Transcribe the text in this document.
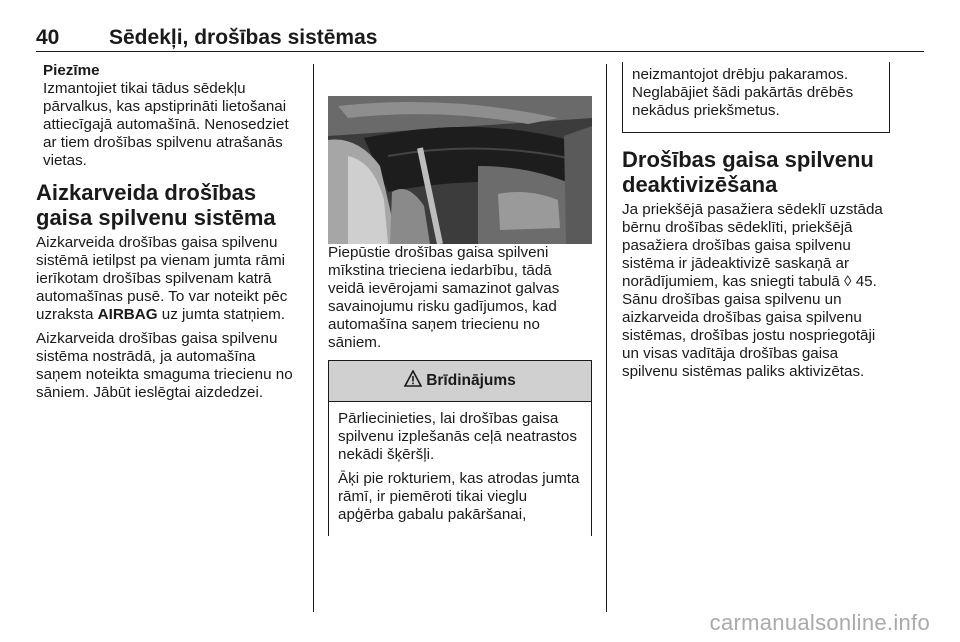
40 Sēdekļi, drošības sistēmas

Piezīme

Izmantojiet tikai tādus sēdekļu pārvalkus, kas apstiprināti lietošanai attiecīgajā automašīnā. Nenosedziet ar tiem drošības spilvenu atrašanās vietas.

Aizkarveida drošības gaisa spilvenu sistēma

Aizkarveida drošības gaisa spilvenu sistēmā ietilpst pa vienam jumta rāmi ierīkotam drošības spilvenam katrā automašīnas pusē. To var noteikt pēc uzraksta AIRBAG uz jumta statņiem.

Aizkarveida drošības gaisa spilvenu sistēma nostrādā, ja automašīna saņem noteikta smaguma triecienu no sāniem. Jābūt ieslēgtai aizdedzei.

Piepūstie drošības gaisa spilveni mīkstina trieciena iedarbību, tādā veidā ievērojami samazinot galvas savainojumu risku gadījumos, kad automašīna saņem triecienu no sāniem.

Brīdinājums

Pārliecinieties, lai drošības gaisa spilvenu izplešanās ceļā neatrastos nekādi šķēršļi.

Āķi pie rokturiem, kas atrodas jumta rāmī, ir piemēroti tikai vieglu apģērba gabalu pakāršanai,

neizmantojot drēbju pakaramos. Neglabājiet šādi pakārtās drēbēs nekādus priekšmetus.

Drošības gaisa spilvenu deaktivizēšana

Ja priekšējā pasažiera sēdeklī uzstāda bērnu drošības sēdeklīti, priekšējā pasažiera drošības gaisa spilvenu sistēma ir jādeaktivizē saskaņā ar norādījumiem, kas sniegti tabulā ◊ 45. Sānu drošības gaisa spilvenu un aizkarveida drošības gaisa spilvenu sistēmas, drošības jostu nospriegotāji un visas vadītāja drošības gaisa spilvenu sistēmas paliks aktivizētas.

carmanualsonline.info
